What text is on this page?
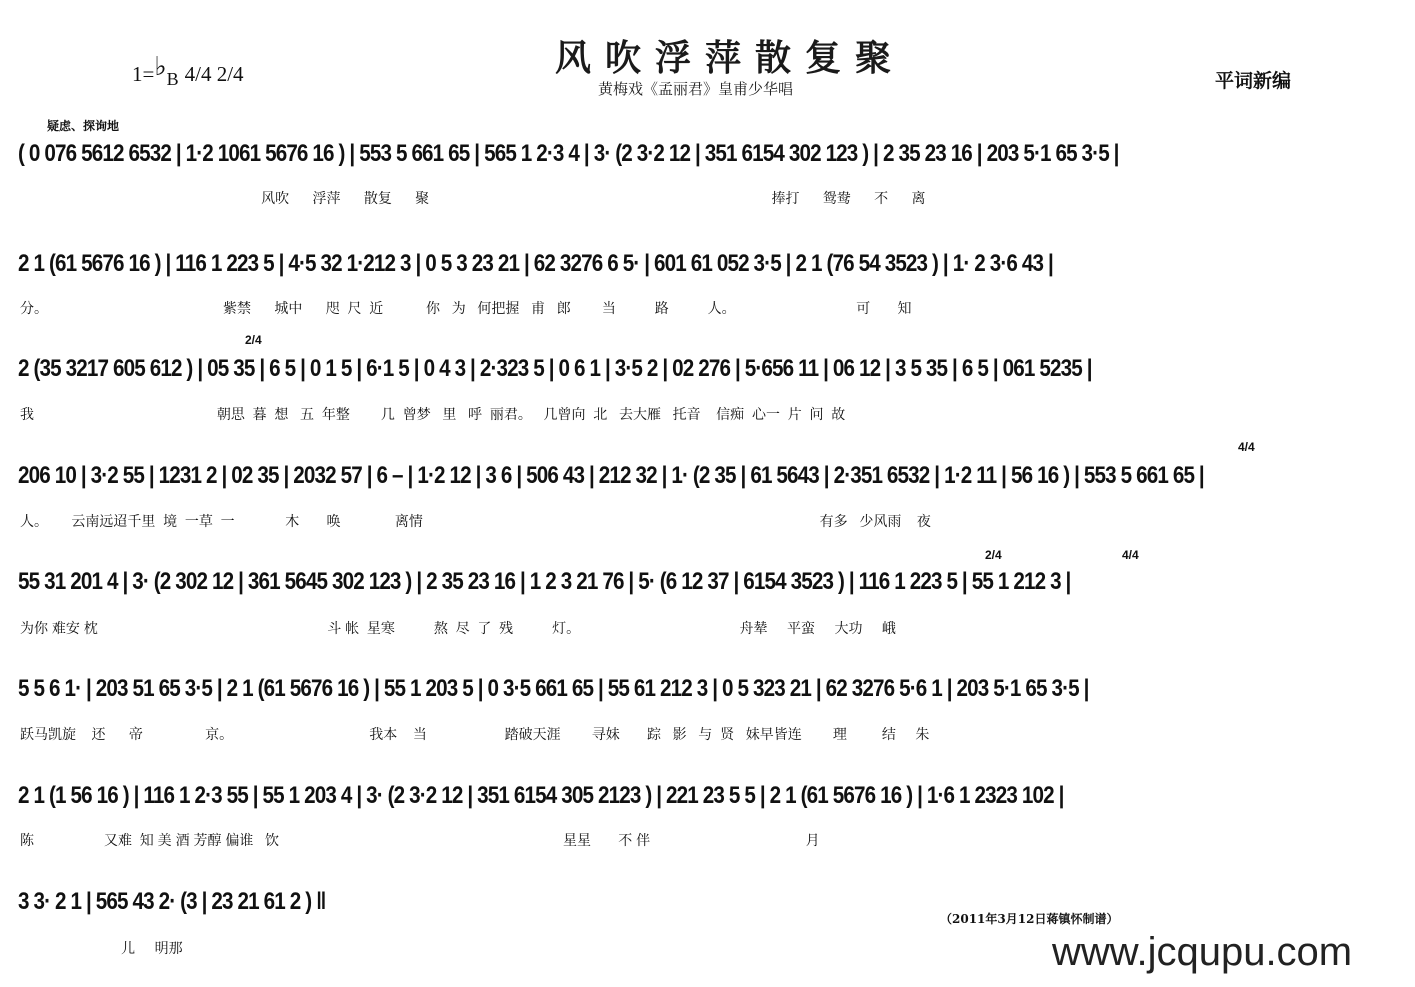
风吹浮萍散复聚
黄梅戏《孟丽君》皇甫少华唱
1=♭B 4/4 2/4	平词新编
疑虑、探询地
( 0 076 5612 6532 | 1·2 1061 5676 16 ) | 553 5 661 65 | 565 1 2·3 4 | 3· (2 3·2 12 | 351 6154 302 123 ) | 2 35 23 16 | 203 5·1 65 3·5 |
风吹      浮萍      散复      聚                                                                                        捧打      鸳鸯      不      离
2 1 (61 5676 16 ) | 116 1 223 5 | 4·5 32 1·212 3 | 0 5 3 23 21 | 62 3276 6 5· | 601 61 052 3·5 | 2 1 (76 54 3523 ) | 1· 2 3·6 43 |
分。                                             紫禁      城中      咫  尺  近           你   为   何把握   甫   郎        当          路          人。                               可       知
2/4
2 (35 3217 605 612 ) | 05 35 | 6 5 | 0 1 5 | 6·1 5 | 0 4 3 | 2·323 5 | 0 6 1 | 3·5 2 | 02 276 | 5·656 11 | 06 12 | 3 5 35 | 6 5 | 061 5235 |
我                                               朝思  暮  想   五  年整        几  曾梦   里   呼  丽君。   几曾向  北   去大雁   托音    信痴  心一  片  问  故
4/4
206 10 | 3·2 55 | 1231 2 | 02 35 | 2032 57 | 6 – | 1·2 12 | 3 6 | 506 43 | 212 32 | 1· (2 35 | 61 5643 | 2·351 6532 | 1·2 11 | 56 16 ) | 553 5 661 65 |
人。      云南远迢千里  境  一草  一             木       唤              离情                                                                                                      有多   少风雨    夜
2/4	4/4
55 31 201 4 | 3· (2 302 12 | 361 5645 302 123 ) | 2 35 23 16 | 1 2 3 21 76 | 5· (6 12 37 | 6154 3523 ) | 116 1 223 5 | 55 1 212 3 |
为你 难安 枕                                                           斗 帐  星寒          熬  尽  了  残          灯。                                         舟辇     平蛮     大功     峨
5 5 6 1· | 203 51 65 3·5 | 2 1 (61 5676 16 ) | 55 1 203 5 | 0 3·5 661 65 | 55 61 212 3 | 0 5 323 21 | 62 3276 5·6 1 | 203 5·1 65 3·5 |
跃马凯旋    还      帝                京。                                   我本    当                    踏破天涯        寻妹       踪   影   与  贤   妹早皆连        理         结     朱
2 1 (1 56 16 ) | 116 1 2·3 55 | 55 1 203 4 | 3· (2 3·2 12 | 351 6154 305 2123 ) | 221 23 5 5 | 2 1 (61 5676 16 ) | 1·6 1 2323 102 |
陈                  又难  知 美 酒 芳醇 偏谁   饮                                                                         星星       不 伴                                        月
3 3· 2 1 | 565 43 2· (3 | 23 21 61 2 ) ‖
儿     明那
（2011年3月12日蒋镇怀制谱）
www.jcqupu.com
